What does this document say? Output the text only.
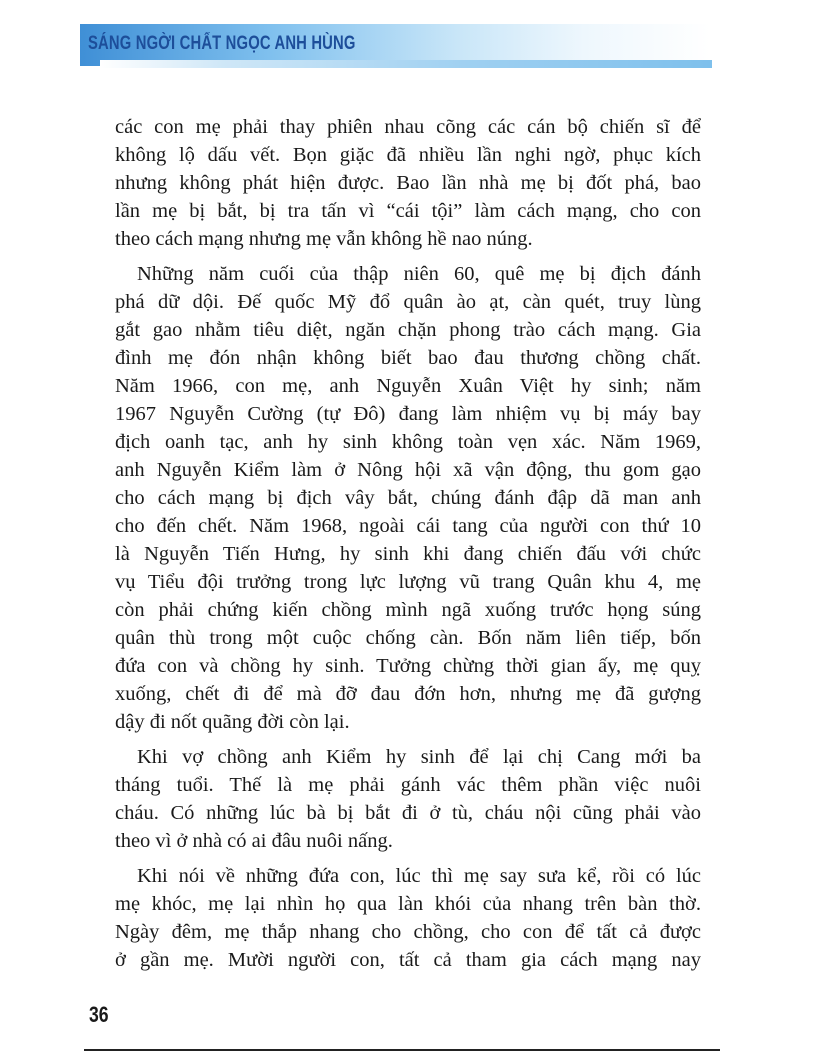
SÁNG NGỜI CHẤT NGỌC ANH HÙNG
các con mẹ phải thay phiên nhau cõng các cán bộ chiến sĩ để
không lộ dấu vết. Bọn giặc đã nhiều lần nghi ngờ, phục kích
nhưng không phát hiện được. Bao lần nhà mẹ bị đốt phá, bao
lần mẹ bị bắt, bị tra tấn vì “cái tội” làm cách mạng, cho con
theo cách mạng nhưng mẹ vẫn không hề nao núng.
Những năm cuối của thập niên 60, quê mẹ bị địch đánh
phá dữ dội. Đế quốc Mỹ đổ quân ào ạt, càn quét, truy lùng
gắt gao nhằm tiêu diệt, ngăn chặn phong trào cách mạng. Gia
đình mẹ đón nhận không biết bao đau thương chồng chất.
Năm 1966, con mẹ, anh Nguyễn Xuân Việt hy sinh; năm
1967 Nguyễn Cường (tự Đô) đang làm nhiệm vụ bị máy bay
địch oanh tạc, anh hy sinh không toàn vẹn xác. Năm 1969,
anh Nguyễn Kiểm làm ở Nông hội xã vận động, thu gom gạo
cho cách mạng bị địch vây bắt, chúng đánh đập dã man anh
cho đến chết. Năm 1968, ngoài cái tang của người con thứ 10
là Nguyễn Tiến Hưng, hy sinh khi đang chiến đấu với chức
vụ Tiểu đội trưởng trong lực lượng vũ trang Quân khu 4, mẹ
còn phải chứng kiến chồng mình ngã xuống trước họng súng
quân thù trong một cuộc chống càn. Bốn năm liên tiếp, bốn
đứa con và chồng hy sinh. Tưởng chừng thời gian ấy, mẹ quỵ
xuống, chết đi để mà đỡ đau đớn hơn, nhưng mẹ đã gượng
dậy đi nốt quãng đời còn lại.
Khi vợ chồng anh Kiểm hy sinh để lại chị Cang mới ba
tháng tuổi. Thế là mẹ phải gánh vác thêm phần việc nuôi
cháu. Có những lúc bà bị bắt đi ở tù, cháu nội cũng phải vào
theo vì ở nhà có ai đâu nuôi nấng.
Khi nói về những đứa con, lúc thì mẹ say sưa kể, rồi có lúc
mẹ khóc, mẹ lại nhìn họ qua làn khói của nhang trên bàn thờ.
Ngày đêm, mẹ thắp nhang cho chồng, cho con để tất cả được
ở gần mẹ. Mười người con, tất cả tham gia cách mạng nay
36
